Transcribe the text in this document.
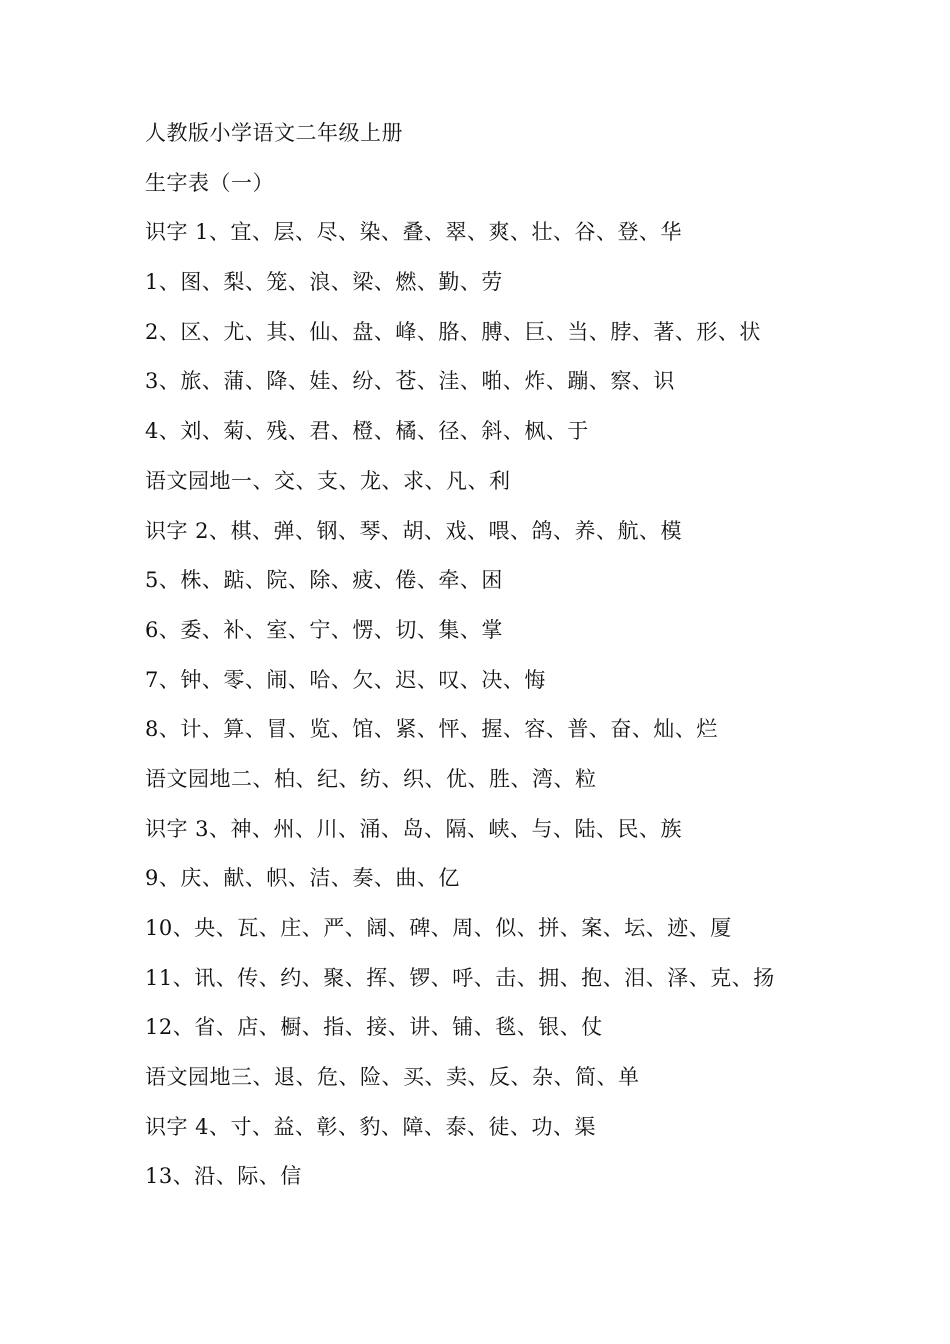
人教版小学语文二年级上册
生字表（一）
识字 1、宜、层、尽、染、叠、翠、爽、壮、谷、登、华
1、图、梨、笼、浪、梁、燃、勤、劳
2、区、尤、其、仙、盘、峰、胳、膊、巨、当、脖、著、形、状
3、旅、蒲、降、娃、纷、苍、洼、啪、炸、蹦、察、识
4、刘、菊、残、君、橙、橘、径、斜、枫、于
语文园地一、交、支、龙、求、凡、利
识字 2、棋、弹、钢、琴、胡、戏、喂、鸽、养、航、模
5、株、踮、院、除、疲、倦、牵、困
6、委、补、室、宁、愣、切、集、掌
7、钟、零、闹、哈、欠、迟、叹、决、悔
8、计、算、冒、览、馆、紧、怦、握、容、普、奋、灿、烂
语文园地二、柏、纪、纺、织、优、胜、湾、粒
识字 3、神、州、川、涌、岛、隔、峡、与、陆、民、族
9、庆、献、帜、洁、奏、曲、亿
10、央、瓦、庄、严、阔、碑、周、似、拼、案、坛、迹、厦
11、讯、传、约、聚、挥、锣、呼、击、拥、抱、泪、泽、克、扬
12、省、店、橱、指、接、讲、铺、毯、银、仗
语文园地三、退、危、险、买、卖、反、杂、简、单
识字 4、寸、益、彰、豹、障、泰、徒、功、渠
13、沿、际、信
